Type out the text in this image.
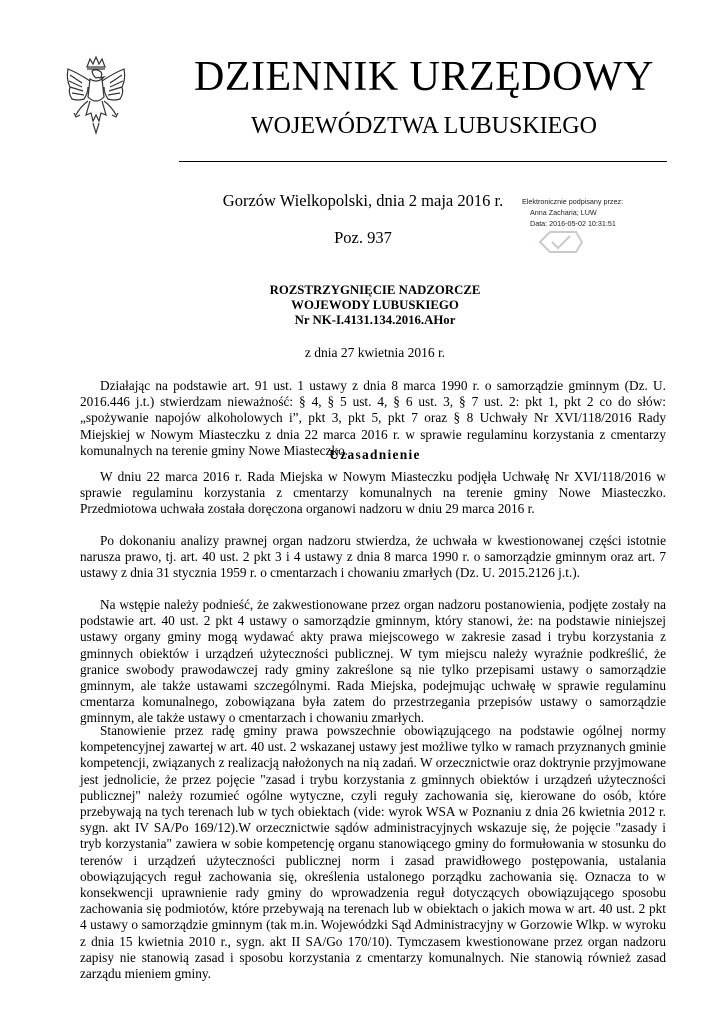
DZIENNIK URZĘDOWY
WOJEWÓDZTWA LUBUSKIEGO
Gorzów Wielkopolski, dnia 2 maja 2016 r.
Poz. 937
Elektronicznie podpisany przez:
Anna Zacharia; LUW
Data: 2016-05-02 10:31:51
ROZSTRZYGNIĘCIE NADZORCZE
WOJEWODY LUBUSKIEGO
Nr NK-I.4131.134.2016.AHor
z dnia 27 kwietnia 2016 r.

Działając na podstawie art. 91 ust. 1 ustawy z dnia 8 marca 1990 r. o samorządzie gminnym (Dz. U. 2016.446 j.t.) stwierdzam nieważność: § 4, § 5 ust. 4, § 6 ust. 3, § 7 ust. 2: pkt 1, pkt 2 co do słów: „spożywanie napojów alkoholowych i”, pkt 3, pkt 5, pkt 7 oraz § 8 Uchwały Nr XVI/118/2016 Rady Miejskiej w Nowym Miasteczku z dnia 22 marca 2016 r. w sprawie regulaminu korzystania z cmentarzy komunalnych na terenie gminy Nowe Miasteczko.

Uzasadnienie

W dniu 22 marca 2016 r. Rada Miejska w Nowym Miasteczku podjęła Uchwałę Nr XVI/118/2016 w sprawie regulaminu korzystania z cmentarzy komunalnych na terenie gminy Nowe Miasteczko. Przedmiotowa uchwała została doręczona organowi nadzoru w dniu 29 marca 2016 r.

Po dokonaniu analizy prawnej organ nadzoru stwierdza, że uchwała w kwestionowanej części istotnie narusza prawo, tj. art. 40 ust. 2 pkt 3 i 4 ustawy z dnia 8 marca 1990 r. o samorządzie gminnym oraz art. 7 ustawy z dnia 31 stycznia 1959 r. o cmentarzach i chowaniu zmarłych (Dz. U. 2015.2126 j.t.).

Na wstępie należy podnieść, że zakwestionowane przez organ nadzoru postanowienia, podjęte zostały na podstawie art. 40 ust. 2 pkt 4 ustawy o samorządzie gminnym, który stanowi, że: na podstawie niniejszej ustawy organy gminy mogą wydawać akty prawa miejscowego w zakresie zasad i trybu korzystania z gminnych obiektów i urządzeń użyteczności publicznej. W tym miejscu należy wyraźnie podkreślić, że granice swobody prawodawczej rady gminy zakreślone są nie tylko przepisami ustawy o samorządzie gminnym, ale także ustawami szczególnymi. Rada Miejska, podejmując uchwałę w sprawie regulaminu cmentarza komunalnego, zobowiązana była zatem do przestrzegania przepisów ustawy o samorządzie gminnym, ale także ustawy o cmentarzach i chowaniu zmarłych.

Stanowienie przez radę gminy prawa powszechnie obowiązującego na podstawie ogólnej normy kompetencyjnej zawartej w art. 40 ust. 2 wskazanej ustawy jest możliwe tylko w ramach przyznanych gminie kompetencji, związanych z realizacją nałożonych na nią zadań. W orzecznictwie oraz doktrynie przyjmowane jest jednolicie, że przez pojęcie "zasad i trybu korzystania z gminnych obiektów i urządzeń użyteczności publicznej" należy rozumieć ogólne wytyczne, czyli reguły zachowania się, kierowane do osób, które przebywają na tych terenach lub w tych obiektach (vide: wyrok WSA w Poznaniu z dnia 26 kwietnia 2012 r. sygn. akt IV SA/Po 169/12).W orzecznictwie sądów administracyjnych wskazuje się, że pojęcie "zasady i tryb korzystania" zawiera w sobie kompetencję organu stanowiącego gminy do formułowania w stosunku do terenów i urządzeń użyteczności publicznej norm i zasad prawidłowego postępowania, ustalania obowiązujących reguł zachowania się, określenia ustalonego porządku zachowania się. Oznacza to w konsekwencji uprawnienie rady gminy do wprowadzenia reguł dotyczących obowiązującego sposobu zachowania się podmiotów, które przebywają na terenach lub w obiektach o jakich mowa w art. 40 ust. 2 pkt 4 ustawy o samorządzie gminnym (tak m.in. Wojewódzki Sąd Administracyjny w Gorzowie Wlkp. w wyroku z dnia 15 kwietnia 2010 r., sygn. akt II SA/Go 170/10). Tymczasem kwestionowane przez organ nadzoru zapisy nie stanowią zasad i sposobu korzystania z cmentarzy komunalnych. Nie stanowią również zasad zarządu mieniem gminy.
